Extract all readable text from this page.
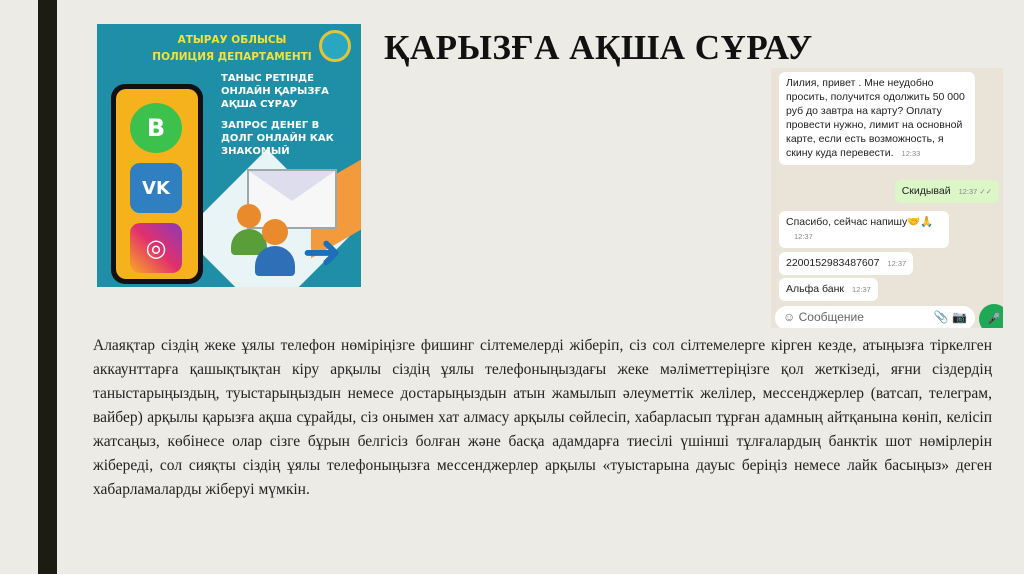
ҚАРЫЗҒА АҚША СҰРАУ
АТЫРАУ ОБЛЫСЫ
ПОЛИЦИЯ ДЕПАРТАМЕНТІ
ТАНЫС РЕТІНДЕ ОНЛАЙН ҚАРЫЗҒА АҚША СҰРАУ
ЗАПРОС ДЕНЕГ В ДОЛГ ОНЛАЙН КАК ЗНАКОМЫЙ
B
VK
◎	➜
Лилия, привет . Мне неудобно просить, получится одолжить 50 000 руб до завтра на карту? Оплату провести нужно, лимит на основной карте, если есть возможность, я скину куда перевести. 12:33
Скидывай 12:37 ✓✓
Спасибо, сейчас напишу🤝🙏12:37
2200152983487607 12:37
Альфа банк 12:37
☺ Сообщение	📎 📷	🎤

Алаяқтар сіздің жеке ұялы телефон нөміріңізге фишинг сілтемелерді жіберіп, сіз сол сілтемелерге кірген кезде, атыңызға тіркелген аккаунттарға қашықтықтан кіру арқылы сіздің ұялы телефоныңыздағы жеке мәліметтеріңізге қол жеткізеді, яғни сіздердің таныстарыңыздың, туыстарыңыздын немесе достарыңыздын атын жамылып әлеуметтік желілер, мессенджерлер (ватсап, телеграм, вайбер) арқылы қарызға ақша сұрайды, сіз онымен хат алмасу арқылы сөйлесіп, хабарласып тұрған адамның айтқанына көніп, келісіп жатсаңыз, көбінесе олар сізге бұрын белгісіз болған және басқа адамдарға тиесілі үшінші тұлғалардың банктік шот нөмірлерін жібереді, сол сияқты сіздің ұялы телефоныңызға мессенджерлер арқылы «туыстарына дауыс беріңіз немесе лайк басыңыз» деген хабарламаларды жіберуі мүмкін.
